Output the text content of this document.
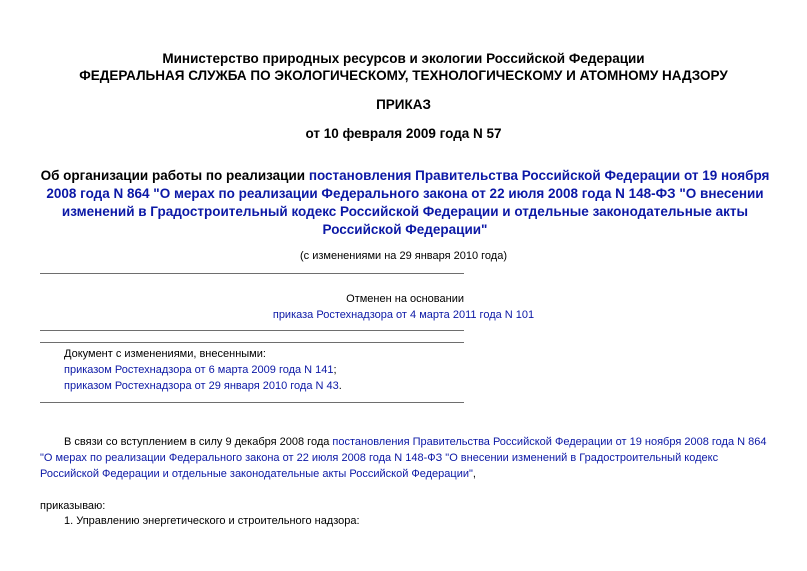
Министерство природных ресурсов и экологии Российской Федерации
ФЕДЕРАЛЬНАЯ СЛУЖБА ПО ЭКОЛОГИЧЕСКОМУ, ТЕХНОЛОГИЧЕСКОМУ И АТОМНОМУ НАДЗОРУ
ПРИКАЗ
от 10 февраля 2009 года N 57
Об организации работы по реализации постановления Правительства Российской Федерации от 19 ноября 2008 года N 864 "О мерах по реализации Федерального закона от 22 июля 2008 года N 148-ФЗ "О внесении изменений в Градостроительный кодекс Российской Федерации и отдельные законодательные акты Российской Федерации"
(с изменениями на 29 января 2010 года)
Отменен на основании
приказа Ростехнадзора от 4 марта 2011 года N 101
Документ с изменениями, внесенными:
приказом Ростехнадзора от 6 марта 2009 года N 141;
приказом Ростехнадзора от 29 января 2010 года N 43.
В связи со вступлением в силу 9 декабря 2008 года постановления Правительства Российской Федерации от 19 ноября 2008 года N 864 "О мерах по реализации Федерального закона от 22 июля 2008 года N 148-ФЗ "О внесении изменений в Градостроительный кодекс Российской Федерации и отдельные законодательные акты Российской Федерации",
приказываю:
1. Управлению энергетического и строительного надзора:
